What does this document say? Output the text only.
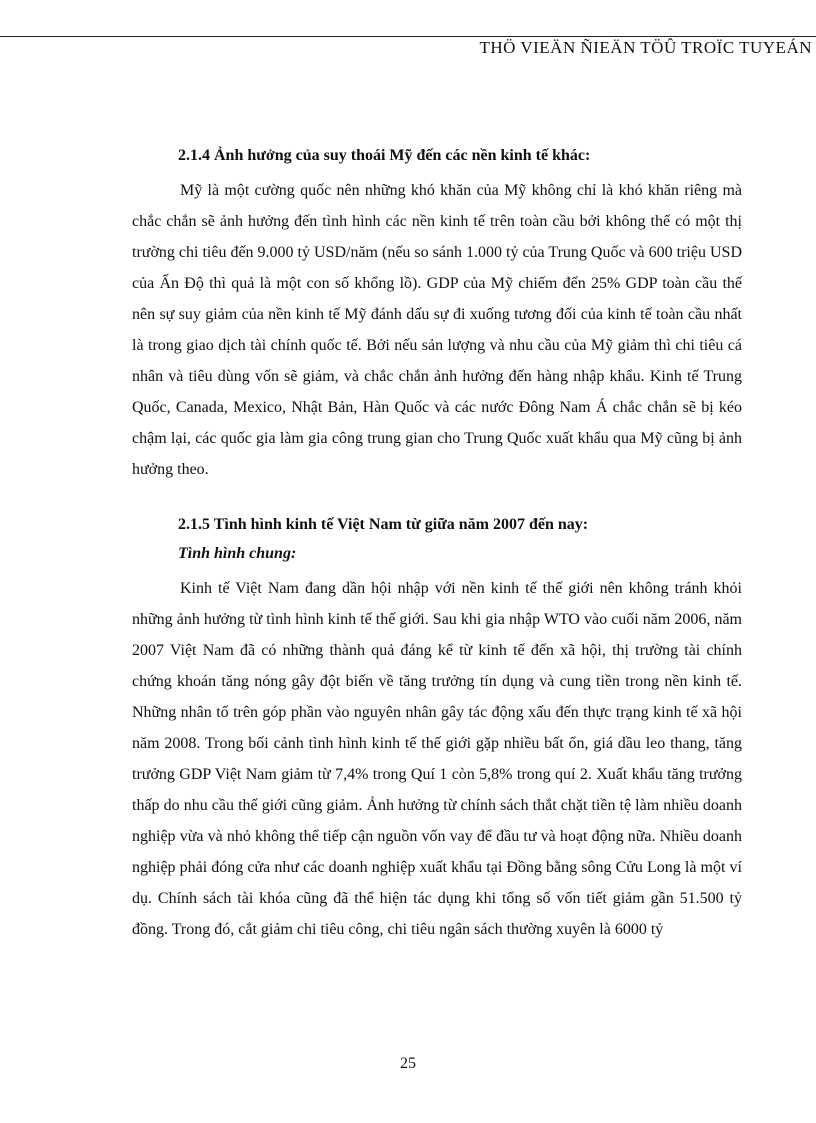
THÖ VIEÄN ÑIEÄN TÖÛ TROÏC TUYEÁN
2.1.4 Ảnh hưởng của suy thoái Mỹ đến các nền kinh tế khác:

Mỹ là một cường quốc nên những khó khăn của Mỹ không chỉ là khó khăn riêng mà chắc chắn sẽ ảnh hưởng đến tình hình các nền kinh tế trên toàn cầu bởi không thể có một thị trường chi tiêu đến 9.000 tỷ USD/năm (nếu so sánh 1.000 tỷ của Trung Quốc và 600 triệu USD của Ấn Độ thì quả là một con số khổng lồ). GDP của Mỹ chiếm đến 25% GDP toàn cầu thế nên sự suy giảm của nền kinh tế Mỹ đánh dấu sự đi xuống tương đối của kinh tế toàn cầu nhất là trong giao dịch tài chính quốc tế. Bởi nếu sản lượng và nhu cầu của Mỹ giảm thì chi tiêu cá nhân và tiêu dùng vốn sẽ giảm, và chắc chắn ảnh hưởng đến hàng nhập khẩu. Kinh tế Trung Quốc, Canada, Mexico, Nhật Bản, Hàn Quốc và các nước Đông Nam Á chắc chắn sẽ bị kéo chậm lại, các quốc gia làm gia công trung gian cho Trung Quốc xuất khẩu qua Mỹ cũng bị ảnh hưởng theo.

2.1.5 Tình hình kinh tế Việt Nam từ giữa năm 2007 đến nay:
Tình hình chung:

Kinh tế Việt Nam đang dần hội nhập với nền kinh tế thế giới nên không tránh khỏi những ảnh hưởng từ tình hình kinh tế thế giới. Sau khi gia nhập WTO vào cuối năm 2006, năm 2007 Việt Nam đã có những thành quả đáng kể từ kinh tế đến xã hội, thị trường tài chính chứng khoán tăng nóng gây đột biến về tăng trưởng tín dụng và cung tiền trong nền kinh tế. Những nhân tố trên góp phần vào nguyên nhân gây tác động xấu đến thực trạng kinh tế xã hội năm 2008. Trong bối cảnh tình hình kinh tế thế giới gặp nhiều bất ổn, giá dầu leo thang, tăng trưởng GDP Việt Nam giảm từ 7,4% trong Quí 1 còn 5,8% trong quí 2. Xuất khẩu tăng trưởng thấp do nhu cầu thế giới cũng giảm. Ảnh hưởng từ chính sách thắt chặt tiền tệ làm nhiều doanh nghiệp vừa và nhỏ không thể tiếp cận nguồn vốn vay để đầu tư và hoạt động nữa. Nhiều doanh nghiệp phải đóng cửa như các doanh nghiệp xuất khẩu tại Đồng bằng sông Cửu Long là một ví dụ. Chính sách tài khóa cũng đã thể hiện tác dụng khi tổng số vốn tiết giảm gần 51.500 tỷ đồng. Trong đó, cắt giảm chi tiêu công, chi tiêu ngân sách thường xuyên là 6000 tỷ

25
